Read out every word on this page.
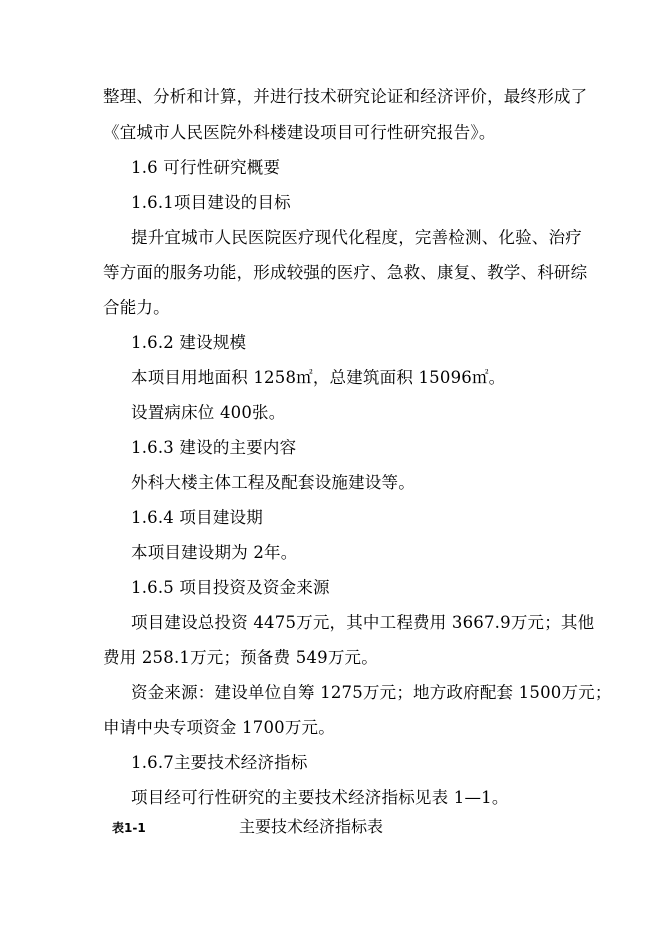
整理、分析和计算，并进行技术研究论证和经济评价，最终形成了
《宜城市人民医院外科楼建设项目可行性研究报告》。
1.6 可行性研究概要
1.6.1项目建设的目标
提升宜城市人民医院医疗现代化程度，完善检测、化验、治疗
等方面的服务功能，形成较强的医疗、急救、康复、教学、科研综
合能力。
1.6.2 建设规模
本项目用地面积 1258㎡，总建筑面积 15096㎡。
设置病床位 400张。
1.6.3 建设的主要内容
外科大楼主体工程及配套设施建设等。
1.6.4 项目建设期
本项目建设期为 2年。
1.6.5 项目投资及资金来源
项目建设总投资 4475万元，其中工程费用 3667.9万元；其他
费用 258.1万元；预备费 549万元。
资金来源：建设单位自筹 1275万元；地方政府配套 1500万元；
申请中央专项资金 1700万元。
1.6.7主要技术经济指标
项目经可行性研究的主要技术经济指标见表 1—1。
表1-1	主要技术经济指标表
